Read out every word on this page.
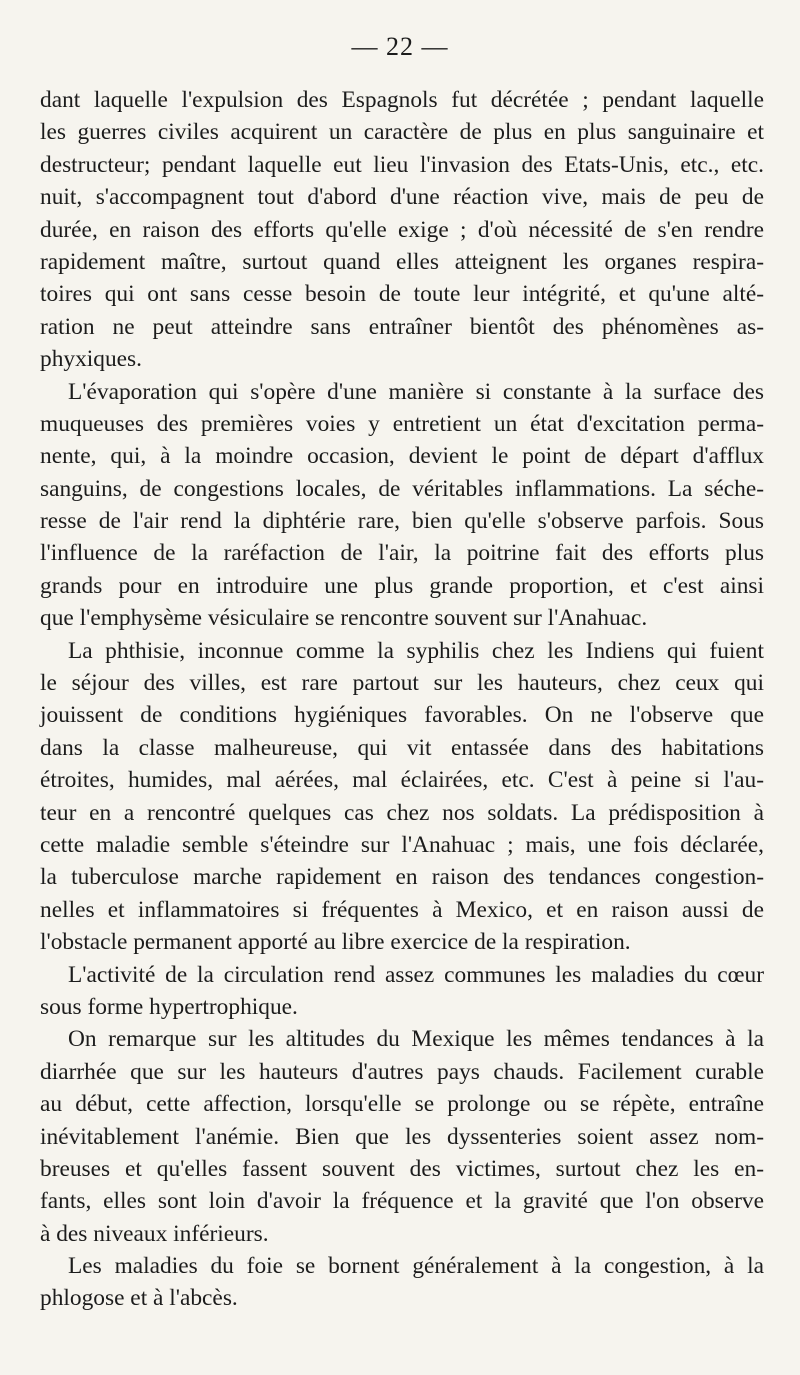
— 22 —
dant laquelle l'expulsion des Espagnols fut décrétée ; pendant laquelle
les guerres civiles acquirent un caractère de plus en plus sanguinaire et
destructeur; pendant laquelle eut lieu l'invasion des Etats-Unis, etc., etc.
nuit, s'accompagnent tout d'abord d'une réaction vive, mais de peu de
durée, en raison des efforts qu'elle exige ; d'où nécessité de s'en rendre
rapidement maître, surtout quand elles atteignent les organes respira-
toires qui ont sans cesse besoin de toute leur intégrité, et qu'une alté-
ration ne peut atteindre sans entraîner bientôt des phénomènes as-
phyxiques.
L'évaporation qui s'opère d'une manière si constante à la surface des
muqueuses des premières voies y entretient un état d'excitation perma-
nente, qui, à la moindre occasion, devient le point de départ d'afflux
sanguins, de congestions locales, de véritables inflammations. La séche-
resse de l'air rend la diphtérie rare, bien qu'elle s'observe parfois. Sous
l'influence de la raréfaction de l'air, la poitrine fait des efforts plus
grands pour en introduire une plus grande proportion, et c'est ainsi
que l'emphysème vésiculaire se rencontre souvent sur l'Anahuac.
La phthisie, inconnue comme la syphilis chez les Indiens qui fuient
le séjour des villes, est rare partout sur les hauteurs, chez ceux qui
jouissent de conditions hygiéniques favorables. On ne l'observe que
dans la classe malheureuse, qui vit entassée dans des habitations
étroites, humides, mal aérées, mal éclairées, etc. C'est à peine si l'au-
teur en a rencontré quelques cas chez nos soldats. La prédisposition à
cette maladie semble s'éteindre sur l'Anahuac ; mais, une fois déclarée,
la tuberculose marche rapidement en raison des tendances congestion-
nelles et inflammatoires si fréquentes à Mexico, et en raison aussi de
l'obstacle permanent apporté au libre exercice de la respiration.
L'activité de la circulation rend assez communes les maladies du cœur
sous forme hypertrophique.
On remarque sur les altitudes du Mexique les mêmes tendances à la
diarrhée que sur les hauteurs d'autres pays chauds. Facilement curable
au début, cette affection, lorsqu'elle se prolonge ou se répète, entraîne
inévitablement l'anémie. Bien que les dyssenteries soient assez nom-
breuses et qu'elles fassent souvent des victimes, surtout chez les en-
fants, elles sont loin d'avoir la fréquence et la gravité que l'on observe
à des niveaux inférieurs.
Les maladies du foie se bornent généralement à la congestion, à la
phlogose et à l'abcès.
